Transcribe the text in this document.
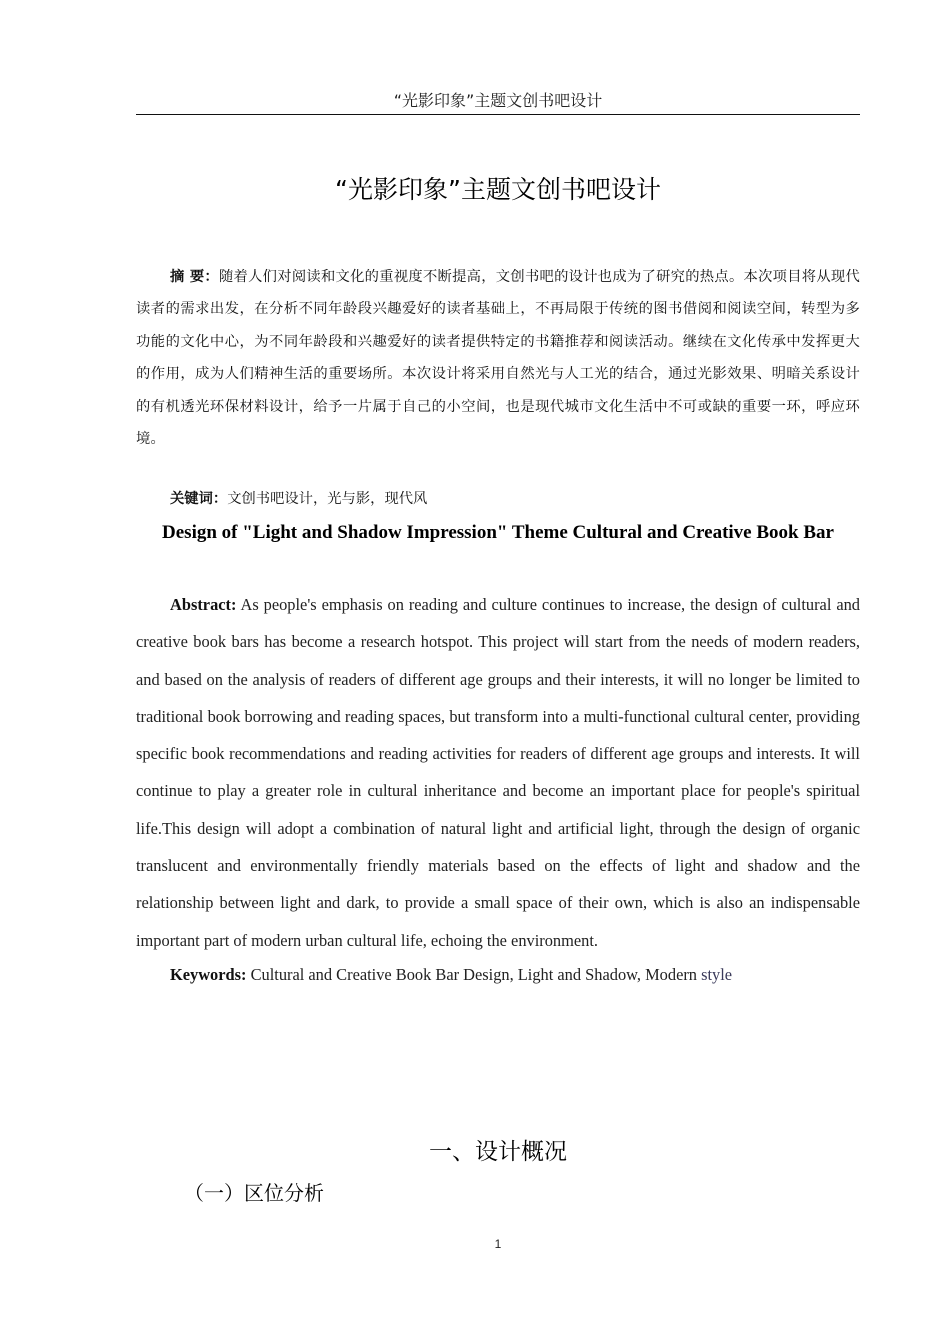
“光影印象”主题文创书吧设计
“光影印象”主题文创书吧设计
摘 要：随着人们对阅读和文化的重视度不断提高，文创书吧的设计也成为了研究的热点。本次项目将从现代读者的需求出发，在分析不同年龄段兴趣爱好的读者基础上，不再局限于传统的图书借阅和阅读空间，转型为多功能的文化中心，为不同年龄段和兴趣爱好的读者提供特定的书籍推荐和阅读活动。继续在文化传承中发挥更大的作用，成为人们精神生活的重要场所。本次设计将采用自然光与人工光的结合，通过光影效果、明暗关系设计的有机透光环保材料设计，给予一片属于自己的小空间，也是现代城市文化生活中不可或缺的重要一环，呼应环境。
关键词：文创书吧设计，光与影，现代风
Design of "Light and Shadow Impression" Theme Cultural and Creative Book Bar
Abstract: As people's emphasis on reading and culture continues to increase, the design of cultural and creative book bars has become a research hotspot. This project will start from the needs of modern readers, and based on the analysis of readers of different age groups and their interests, it will no longer be limited to traditional book borrowing and reading spaces, but transform into a multi-functional cultural center, providing specific book recommendations and reading activities for readers of different age groups and interests. It will continue to play a greater role in cultural inheritance and become an important place for people's spiritual life.This design will adopt a combination of natural light and artificial light, through the design of organic translucent and environmentally friendly materials based on the effects of light and shadow and the relationship between light and dark, to provide a small space of their own, which is also an indispensable important part of modern urban cultural life, echoing the environment.
Keywords: Cultural and Creative Book Bar Design, Light and Shadow, Modern style
一、设计概况
（一）区位分析
1
